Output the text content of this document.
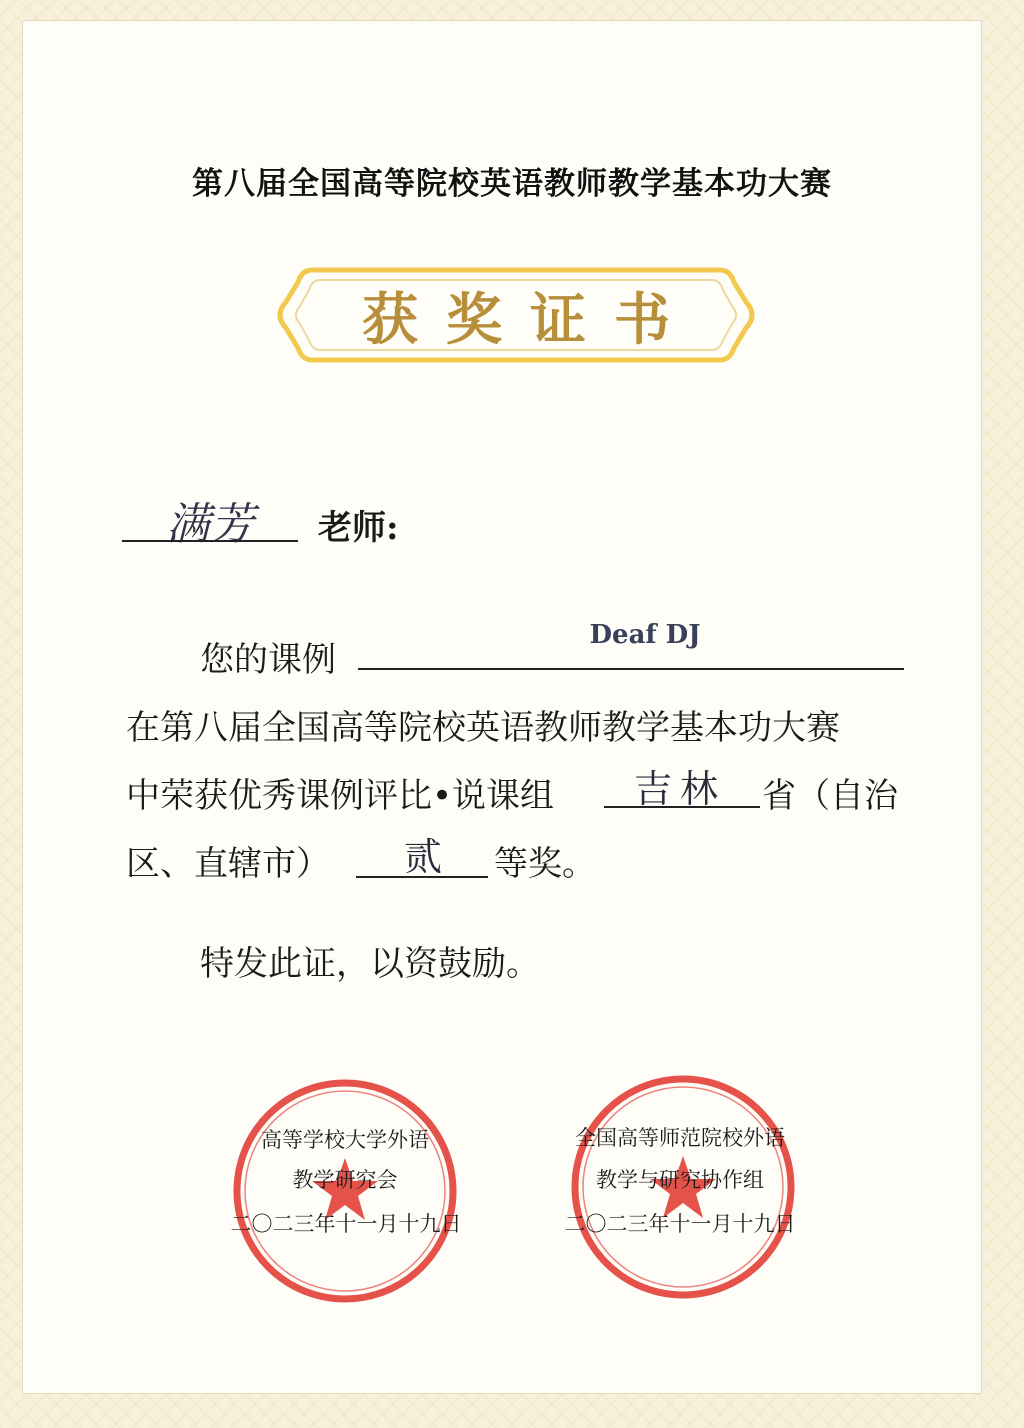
第八届全国高等院校英语教师教学基本功大赛
获奖证书
满芳	老师:
您的课例
Deaf DJ
在第八届全国高等院校英语教师教学基本功大赛
中荣获优秀课例评比•说课组	吉林	省（自治
区、直辖市）	贰	等奖。
特发此证，以资鼓励。
高等学校大学外语
教学研究会
二〇二三年十一月十九日
全国高等师范院校外语
教学与研究协作组
二〇二三年十一月十九日
